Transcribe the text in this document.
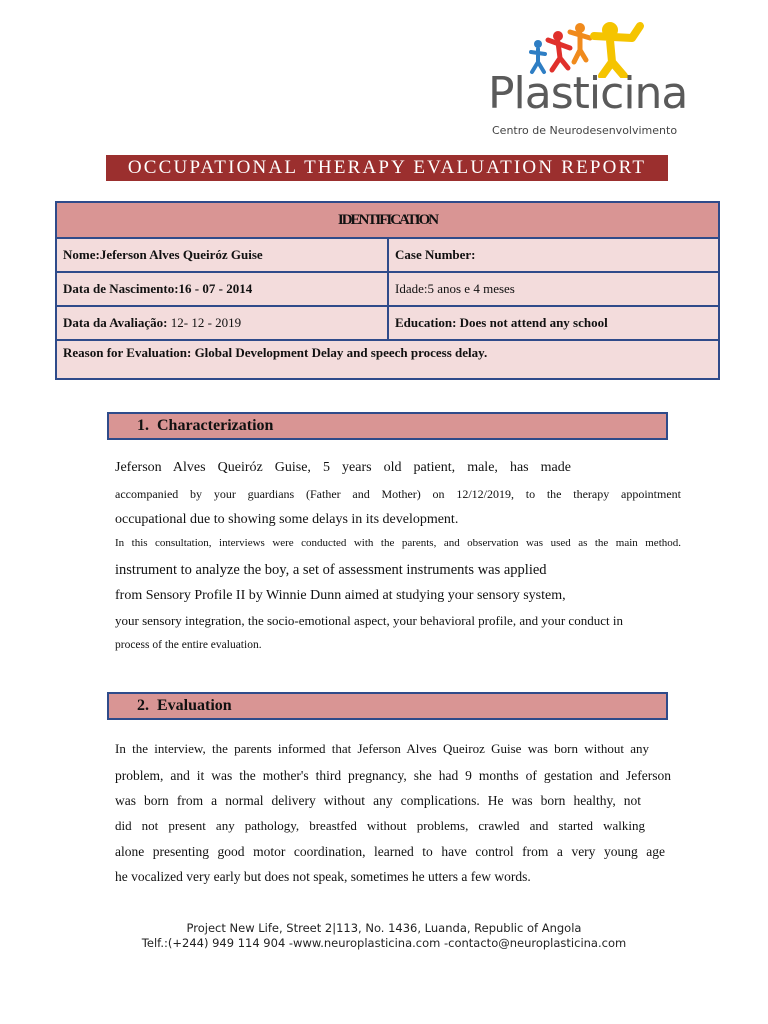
Plasticina
Centro de Neurodesenvolvimento
OCCUPATIONAL THERAPY EVALUATION REPORT
IDENTIFICATION
Nome:Jeferson Alves Queiróz Guise	Case Number:
Data de Nascimento:16 - 07 - 2014	Idade:5 anos e 4 meses
Data da Avaliação: 12- 12 - 2019	Education: Does not attend any school
Reason for Evaluation: Global Development Delay and speech process delay.
1. Characterization
Jeferson Alves Queiróz Guise, 5 years old patient, male, has made
accompanied by your guardians (Father and Mother) on 12/12/2019, to the therapy appointment
occupational due to showing some delays in its development.
In this consultation, interviews were conducted with the parents, and observation was used as the main method.
instrument to analyze the boy, a set of assessment instruments was applied
from Sensory Profile II by Winnie Dunn aimed at studying your sensory system,
your sensory integration, the socio-emotional aspect, your behavioral profile, and your conduct in
process of the entire evaluation.
2. Evaluation
In the interview, the parents informed that Jeferson Alves Queiroz Guise was born without any
problem, and it was the mother's third pregnancy, she had 9 months of gestation and Jeferson
was born from a normal delivery without any complications. He was born healthy, not
did not present any pathology, breastfed without problems, crawled and started walking
alone presenting good motor coordination, learned to have control from a very young age
he vocalized very early but does not speak, sometimes he utters a few words.
Project New Life, Street 2|113, No. 1436, Luanda, Republic of Angola
Telf.:(+244) 949 114 904 -www.neuroplasticina.com -contacto@neuroplasticina.com
